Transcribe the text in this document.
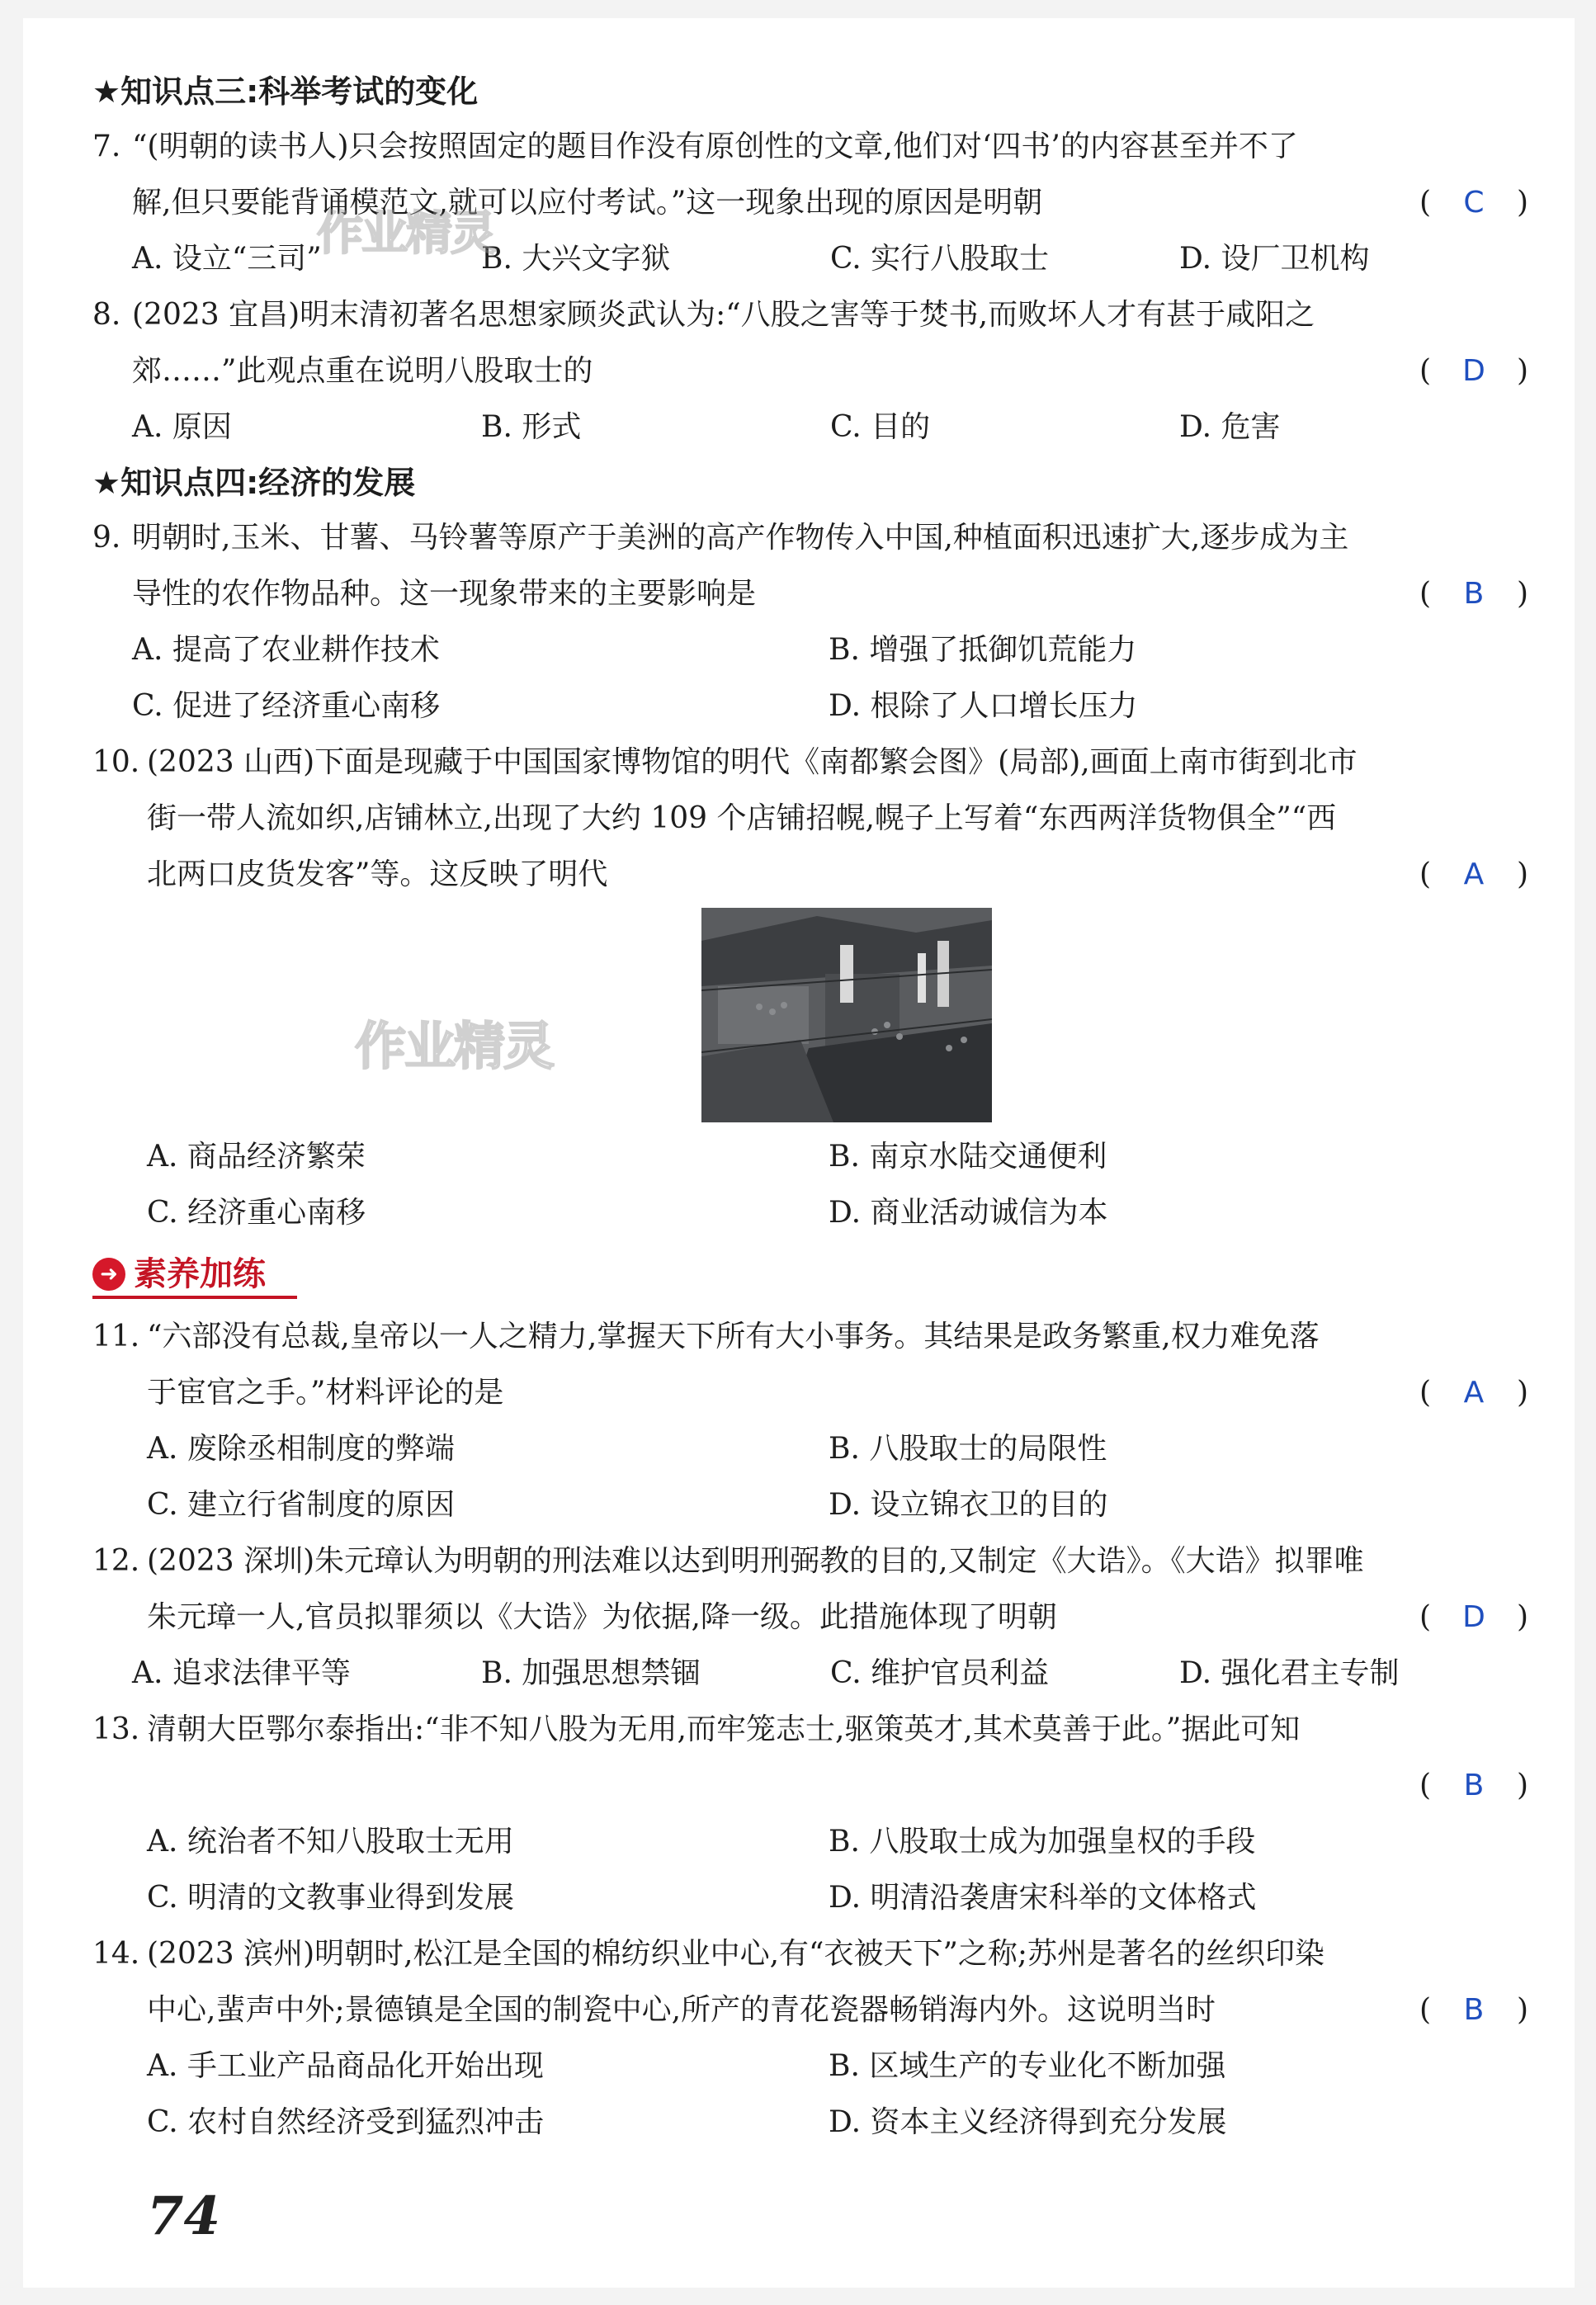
★知识点三:科举考试的变化
7. “(明朝的读书人)只会按照固定的题目作没有原创性的文章,他们对‘四书’的内容甚至并不了
解,但只要能背诵模范文,就可以应付考试。”这一现象出现的原因是明朝	( C )
A. 设立“三司”	B. 大兴文字狱	C. 实行八股取士	D. 设厂卫机构
作业精灵
8. (2023 宜昌)明末清初著名思想家顾炎武认为:“八股之害等于焚书,而败坏人才有甚于咸阳之
郊……”此观点重在说明八股取士的	( D )
A. 原因	B. 形式	C. 目的	D. 危害
★知识点四:经济的发展
9. 明朝时,玉米、甘薯、马铃薯等原产于美洲的高产作物传入中国,种植面积迅速扩大,逐步成为主
导性的农作物品种。这一现象带来的主要影响是	( B )
A. 提高了农业耕作技术	B. 增强了抵御饥荒能力
C. 促进了经济重心南移	D. 根除了人口增长压力
10. (2023 山西)下面是现藏于中国国家博物馆的明代《南都繁会图》(局部),画面上南市街到北市
街一带人流如织,店铺林立,出现了大约 109 个店铺招幌,幌子上写着“东西两洋货物俱全”“西
北两口皮货发客”等。这反映了明代	( A )
作业精灵
A. 商品经济繁荣	B. 南京水陆交通便利
C. 经济重心南移	D. 商业活动诚信为本
➜ 素养加练
11. “六部没有总裁,皇帝以一人之精力,掌握天下所有大小事务。其结果是政务繁重,权力难免落
于宦官之手。”材料评论的是	( A )
A. 废除丞相制度的弊端	B. 八股取士的局限性
C. 建立行省制度的原因	D. 设立锦衣卫的目的
12. (2023 深圳)朱元璋认为明朝的刑法难以达到明刑弼教的目的,又制定《大诰》。《大诰》拟罪唯
朱元璋一人,官员拟罪须以《大诰》为依据,降一级。此措施体现了明朝	( D )
A. 追求法律平等	B. 加强思想禁锢	C. 维护官员利益	D. 强化君主专制
13. 清朝大臣鄂尔泰指出:“非不知八股为无用,而牢笼志士,驱策英才,其术莫善于此。”据此可知
( B )
A. 统治者不知八股取士无用	B. 八股取士成为加强皇权的手段
C. 明清的文教事业得到发展	D. 明清沿袭唐宋科举的文体格式
14. (2023 滨州)明朝时,松江是全国的棉纺织业中心,有“衣被天下”之称;苏州是著名的丝织印染
中心,蜚声中外;景德镇是全国的制瓷中心,所产的青花瓷器畅销海内外。这说明当时	( B )
A. 手工业产品商品化开始出现	B. 区域生产的专业化不断加强
C. 农村自然经济受到猛烈冲击	D. 资本主义经济得到充分发展
74
